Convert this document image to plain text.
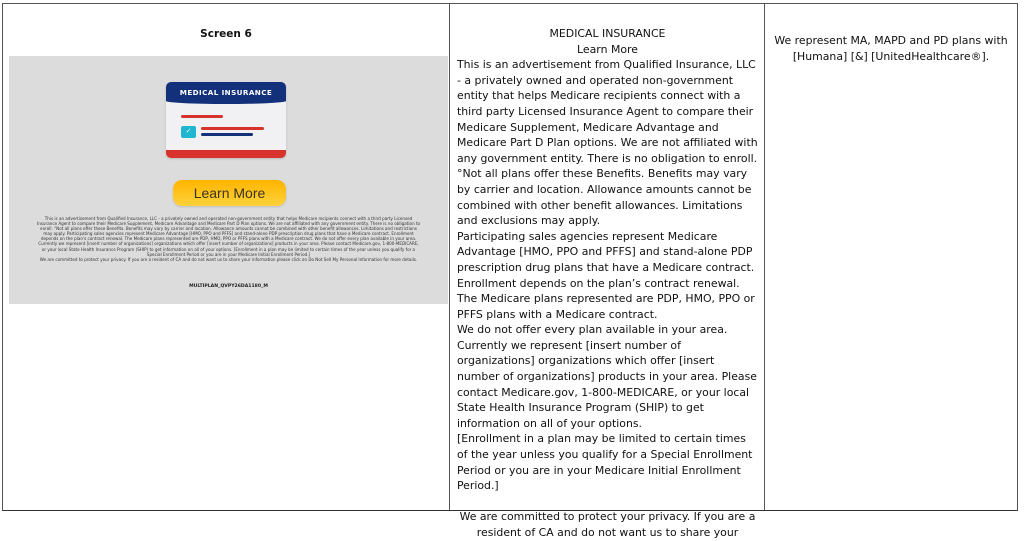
Screen 6
MEDICAL INSURANCE
✓
Learn More

This is an advertisement from Qualified Insurance, LLC - a privately owned and operated non-government entity that helps Medicare recipients connect with a third party Licensed Insurance Agent to compare their Medicare Supplement, Medicare Advantage and Medicare Part D Plan options. We are not affiliated with any government entity. There is no obligation to enroll. °Not all plans offer these Benefits. Benefits may vary by carrier and location. Allowance amounts cannot be combined with other benefit allowances. Limitations and restrictions may apply. Participating sales agencies represent Medicare Advantage [HMO, PPO and PFFS] and stand-alone PDP prescription drug plans that have a Medicare contract. Enrollment depends on the plan's contract renewal. The Medicare plans represented are PDP, HMO, PPO or PFFS plans with a Medicare contract. We do not offer every plan available in your area. Currently we represent [insert number of organizations] organizations which offer [insert number of organizations] products in your area. Please contact Medicare.gov, 1-800-MEDICARE, or your local State Health Insurance Program (SHIP) to get information on all of your options. [Enrollment in a plan may be limited to certain times of the year unless you qualify for a Special Enrollment Period or you are in your Medicare Initial Enrollment Period.]

We are committed to protect your privacy. If you are a resident of CA and do not want us to share your information please click on Do Not Sell My Personal Information for more details.

MULTIPLAN_QVPY26DA1180_M

MEDICAL INSURANCE

Learn More

This is an advertisement from Qualified Insurance, LLC - a privately owned and operated non-government entity that helps Medicare recipients connect with a third party Licensed Insurance Agent to compare their Medicare Supplement, Medicare Advantage and Medicare Part D Plan options. We are not affiliated with any government entity. There is no obligation to enroll.

°Not all plans offer these Benefits. Benefits may vary by carrier and location. Allowance amounts cannot be combined with other benefit allowances. Limitations and exclusions may apply.

Participating sales agencies represent Medicare Advantage [HMO, PPO and PFFS] and stand-alone PDP prescription drug plans that have a Medicare contract. Enrollment depends on the plan’s contract renewal. The Medicare plans represented are PDP, HMO, PPO or PFFS plans with a Medicare contract.

We do not offer every plan available in your area. Currently we represent [insert number of organizations] organizations which offer [insert number of organizations] products in your area. Please contact Medicare.gov, 1-800-MEDICARE, or your local State Health Insurance Program (SHIP) to get information on all of your options.

[Enrollment in a plan may be limited to certain times of the year unless you qualify for a Special Enrollment Period or you are in your Medicare Initial Enrollment Period.]

We are committed to protect your privacy. If you are a resident of CA and do not want us to share your

We represent MA, MAPD and PD plans with [Humana] [&] [UnitedHealthcare®].
